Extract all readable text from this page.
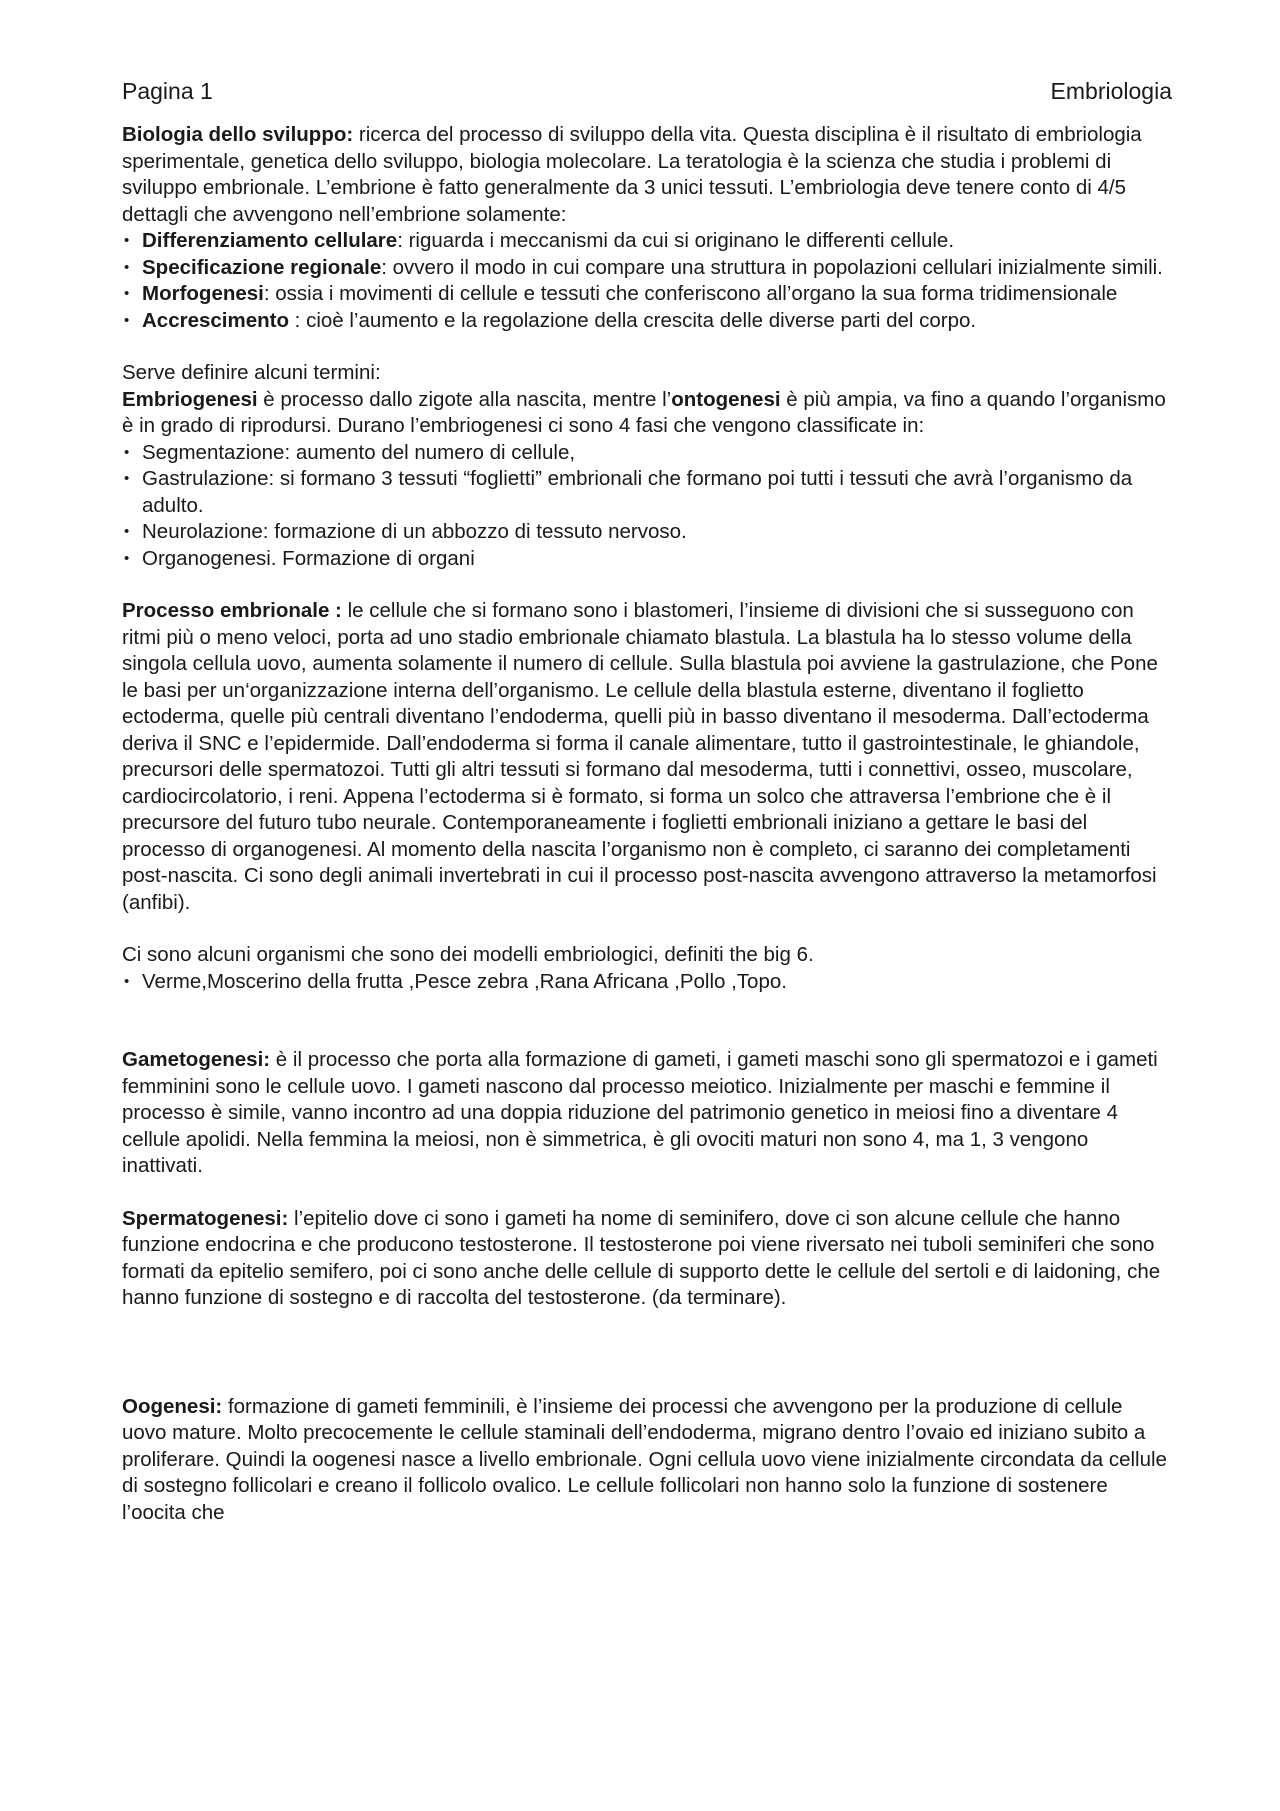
Pagina 1	Embriologia

Biologia dello sviluppo: ricerca del processo di sviluppo della vita. Questa disciplina è il risultato di embriologia sperimentale, genetica dello sviluppo, biologia molecolare. La teratologia è la scienza che studia i problemi di sviluppo embrionale. L’embrione è fatto generalmente da 3 unici tessuti. L’embriologia deve tenere conto di 4/5 dettagli che avvengono nell’embrione solamente:

• Differenziamento cellulare: riguarda i meccanismi da cui si originano le differenti cellule.
• Specificazione regionale: ovvero il modo in cui compare una struttura in popolazioni cellulari inizialmente simili.
• Morfogenesi: ossia i movimenti di cellule e tessuti che conferiscono all’organo la sua forma tridimensionale
• Accrescimento : cioè l’aumento e la regolazione della crescita delle diverse parti del corpo.

Serve definire alcuni termini:

Embriogenesi è processo dallo zigote alla nascita, mentre l’ontogenesi è più ampia, va fino a quando l’organismo è in grado di riprodursi. Durano l’embriogenesi ci sono 4 fasi che vengono classificate in:

• Segmentazione: aumento del numero di cellule,
• Gastrulazione: si formano 3 tessuti “foglietti” embrionali che formano poi tutti i tessuti che avrà l’organismo da adulto.
• Neurolazione: formazione di un abbozzo di tessuto nervoso.
• Organogenesi. Formazione di organi

Processo embrionale : le cellule che si formano sono i blastomeri, l’insieme di divisioni che si susseguono con ritmi più o meno veloci, porta ad uno stadio embrionale chiamato blastula. La blastula ha lo stesso volume della singola cellula uovo, aumenta solamente il numero di cellule. Sulla blastula poi avviene la gastrulazione, che Pone le basi per un‘organizzazione interna dell’organismo. Le cellule della blastula esterne, diventano il foglietto ectoderma, quelle più centrali diventano l’endoderma, quelli più in basso diventano il mesoderma. Dall’ectoderma deriva il SNC e l’epidermide. Dall’endoderma si forma il canale alimentare, tutto il gastrointestinale, le ghiandole, precursori delle spermatozoi. Tutti gli altri tessuti si formano dal mesoderma, tutti i connettivi, osseo, muscolare, cardiocircolatorio, i reni. Appena l’ectoderma si è formato, si forma un solco che attraversa l’embrione che è il precursore del futuro tubo neurale. Contemporaneamente i foglietti embrionali iniziano a gettare le basi del processo di organogenesi. Al momento della nascita l’organismo non è completo, ci saranno dei completamenti post-nascita. Ci sono degli animali invertebrati in cui il processo post-nascita avvengono attraverso la metamorfosi (anfibi).

Ci sono alcuni organismi che sono dei modelli embriologici, definiti the big 6.

• Verme,Moscerino della frutta ,Pesce zebra ,Rana Africana ,Pollo ,Topo.

Gametogenesi: è il processo che porta alla formazione di gameti, i gameti maschi sono gli spermatozoi e i gameti femminini sono le cellule uovo. I gameti nascono dal processo meiotico. Inizialmente per maschi e femmine il processo è simile, vanno incontro ad una doppia riduzione del patrimonio genetico in meiosi fino a diventare 4 cellule apolidi. Nella femmina la meiosi, non è simmetrica, è gli ovociti maturi non sono 4, ma 1, 3 vengono inattivati.

Spermatogenesi: l’epitelio dove ci sono i gameti ha nome di seminifero, dove ci son alcune cellule che hanno funzione endocrina e che producono testosterone. Il testosterone poi viene riversato nei tuboli seminiferi che sono formati da epitelio semifero, poi ci sono anche delle cellule di supporto dette le cellule del sertoli e di laidoning, che hanno funzione di sostegno e di raccolta del testosterone. (da terminare).

Oogenesi: formazione di gameti femminili, è l’insieme dei processi che avvengono per la produzione di cellule uovo mature. Molto precocemente le cellule staminali dell’endoderma, migrano dentro l’ovaio ed iniziano subito a proliferare. Quindi la oogenesi nasce a livello embrionale. Ogni cellula uovo viene inizialmente circondata da cellule di sostegno follicolari e creano il follicolo ovalico. Le cellule follicolari non hanno solo la funzione di sostenere l’oocita che
